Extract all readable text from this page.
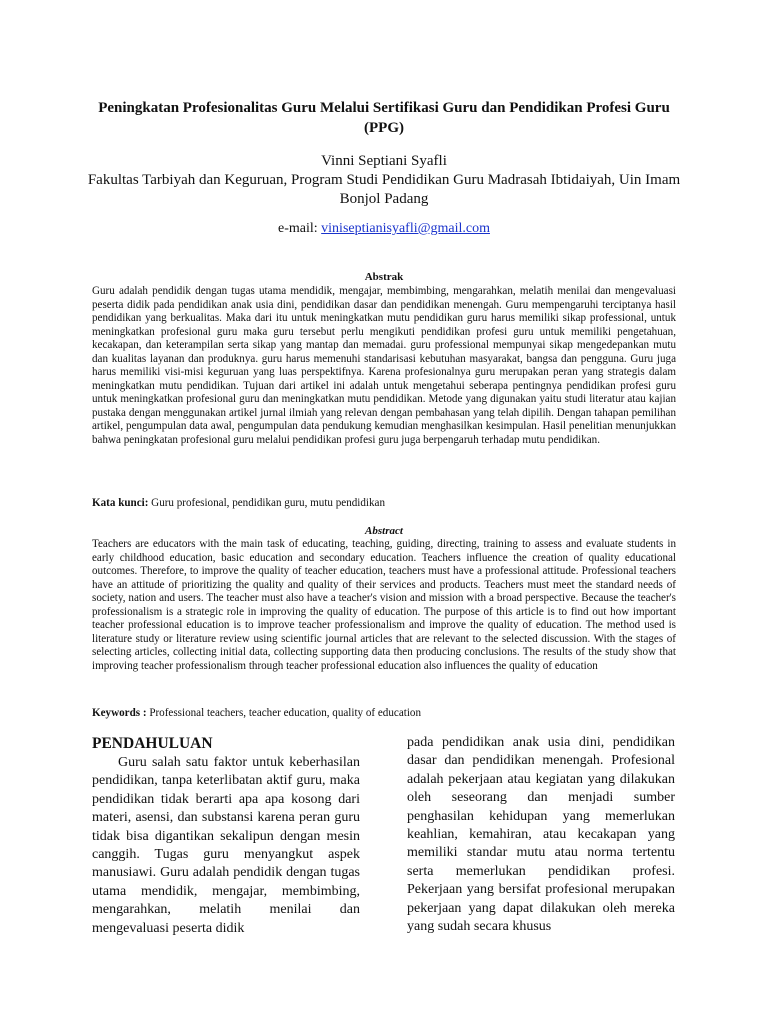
Peningkatan Profesionalitas Guru Melalui Sertifikasi Guru dan Pendidikan Profesi Guru (PPG)
Vinni Septiani Syafli
Fakultas Tarbiyah dan Keguruan, Program Studi Pendidikan Guru Madrasah Ibtidaiyah, Uin Imam Bonjol Padang
e-mail: viniseptianisyafli@gmail.com
Abstrak
Guru adalah pendidik dengan tugas utama mendidik, mengajar, membimbing, mengarahkan, melatih menilai dan mengevaluasi peserta didik pada pendidikan anak usia dini, pendidikan dasar dan pendidikan menengah. Guru mempengaruhi terciptanya hasil pendidikan yang berkualitas. Maka dari itu untuk meningkatkan mutu pendidikan guru harus memiliki sikap professional, untuk meningkatkan profesional guru maka guru tersebut perlu mengikuti pendidikan profesi guru untuk memiliki pengetahuan, kecakapan, dan keterampilan serta sikap yang mantap dan memadai. guru professional mempunyai sikap mengedepankan mutu dan kualitas layanan dan produknya. guru harus memenuhi standarisasi kebutuhan masyarakat, bangsa dan pengguna. Guru juga harus memiliki visi-misi keguruan yang luas perspektifnya. Karena profesionalnya guru merupakan peran yang strategis dalam meningkatkan mutu pendidikan. Tujuan dari artikel ini adalah untuk mengetahui seberapa pentingnya pendidikan profesi guru untuk meningkatkan profesional guru dan meningkatkan mutu pendidikan. Metode yang digunakan yaitu studi literatur atau kajian pustaka dengan menggunakan artikel jurnal ilmiah yang relevan dengan pembahasan yang telah dipilih. Dengan tahapan pemilihan artikel, pengumpulan data awal, pengumpulan data pendukung kemudian menghasilkan kesimpulan. Hasil penelitian menunjukkan bahwa peningkatan profesional guru melalui pendidikan profesi guru juga berpengaruh terhadap mutu pendidikan.
Kata kunci: Guru profesional, pendidikan guru, mutu pendidikan
Abstract
Teachers are educators with the main task of educating, teaching, guiding, directing, training to assess and evaluate students in early childhood education, basic education and secondary education. Teachers influence the creation of quality educational outcomes. Therefore, to improve the quality of teacher education, teachers must have a professional attitude. Professional teachers have an attitude of prioritizing the quality and quality of their services and products. Teachers must meet the standard needs of society, nation and users. The teacher must also have a teacher's vision and mission with a broad perspective. Because the teacher's professionalism is a strategic role in improving the quality of education. The purpose of this article is to find out how important teacher professional education is to improve teacher professionalism and improve the quality of education. The method used is literature study or literature review using scientific journal articles that are relevant to the selected discussion. With the stages of selecting articles, collecting initial data, collecting supporting data then producing conclusions. The results of the study show that improving teacher professionalism through teacher professional education also influences the quality of education
Keywords : Professional teachers, teacher education, quality of education
PENDAHULUAN
Guru salah satu faktor untuk keberhasilan pendidikan, tanpa keterlibatan aktif guru, maka pendidikan tidak berarti apa apa kosong dari materi, asensi, dan substansi karena peran guru tidak bisa digantikan sekalipun dengan mesin canggih. Tugas guru menyangkut aspek manusiawi. Guru adalah pendidik dengan tugas utama mendidik, mengajar, membimbing, mengarahkan, melatih menilai dan mengevaluasi peserta didik
pada pendidikan anak usia dini, pendidikan dasar dan pendidikan menengah. Profesional adalah pekerjaan atau kegiatan yang dilakukan oleh seseorang dan menjadi sumber penghasilan kehidupan yang memerlukan keahlian, kemahiran, atau kecakapan yang memiliki standar mutu atau norma tertentu serta memerlukan pendidikan profesi. Pekerjaan yang bersifat profesional merupakan pekerjaan yang dapat dilakukan oleh mereka yang sudah secara khusus
